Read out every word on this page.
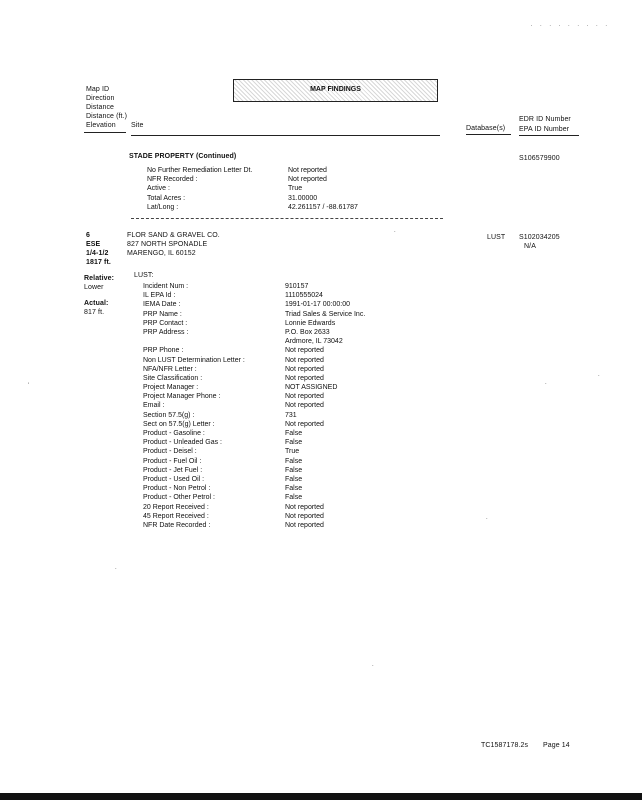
. . . . . . . . .
Map ID
Direction
Distance
Distance (ft.)
Elevation Site
MAP FINDINGS
Database(s)
EDR ID Number
EPA ID Number
STADE PROPERTY (Continued)	S106579900
No Further Remediation Letter Dt.	Not reported
NFR Recorded :	Not reported
Active :	True
Total Acres :	31.00000
Lat/Long :	42.261157 / -88.61787
6
ESE
1/4-1/2
1817 ft.
FLOR SAND & GRAVEL CO.
827 NORTH SPONADLE
MARENGO, IL 60152
LUST S102034205
N/A
Relative:
Lower
Actual:
817 ft.
LUST:
Incident Num :	910157
IL EPA Id :	1110555024
IEMA Date :	1991-01-17 00:00:00
PRP Name :	Triad Sales & Service Inc.
PRP Contact :	Lonnie Edwards
PRP Address :	P.O. Box 2633
Ardmore, IL 73042
PRP Phone :	Not reported
Non LUST Determination Letter :	Not reported
NFA/NFR Letter :	Not reported
Site Classification :	Not reported
Project Manager :	NOT ASSIGNED
Project Manager Phone :	Not reported
Email :	Not reported
Section 57.5(g) :	731
Sect on 57.5(g) Letter :	Not reported
Product - Gasoline :	False
Product - Unleaded Gas :	False
Product - Deisel :	True
Product - Fuel Oil :	False
Product - Jet Fuel :	False
Product - Used Oil :	False
Product - Non Petrol :	False
Product - Other Petrol :	False
20 Report Received :	Not reported
45 Report Received :	Not reported
NFR Date Recorded :	Not reported
'
.
.
.
.
.
.
TC1587178.2s Page 14
